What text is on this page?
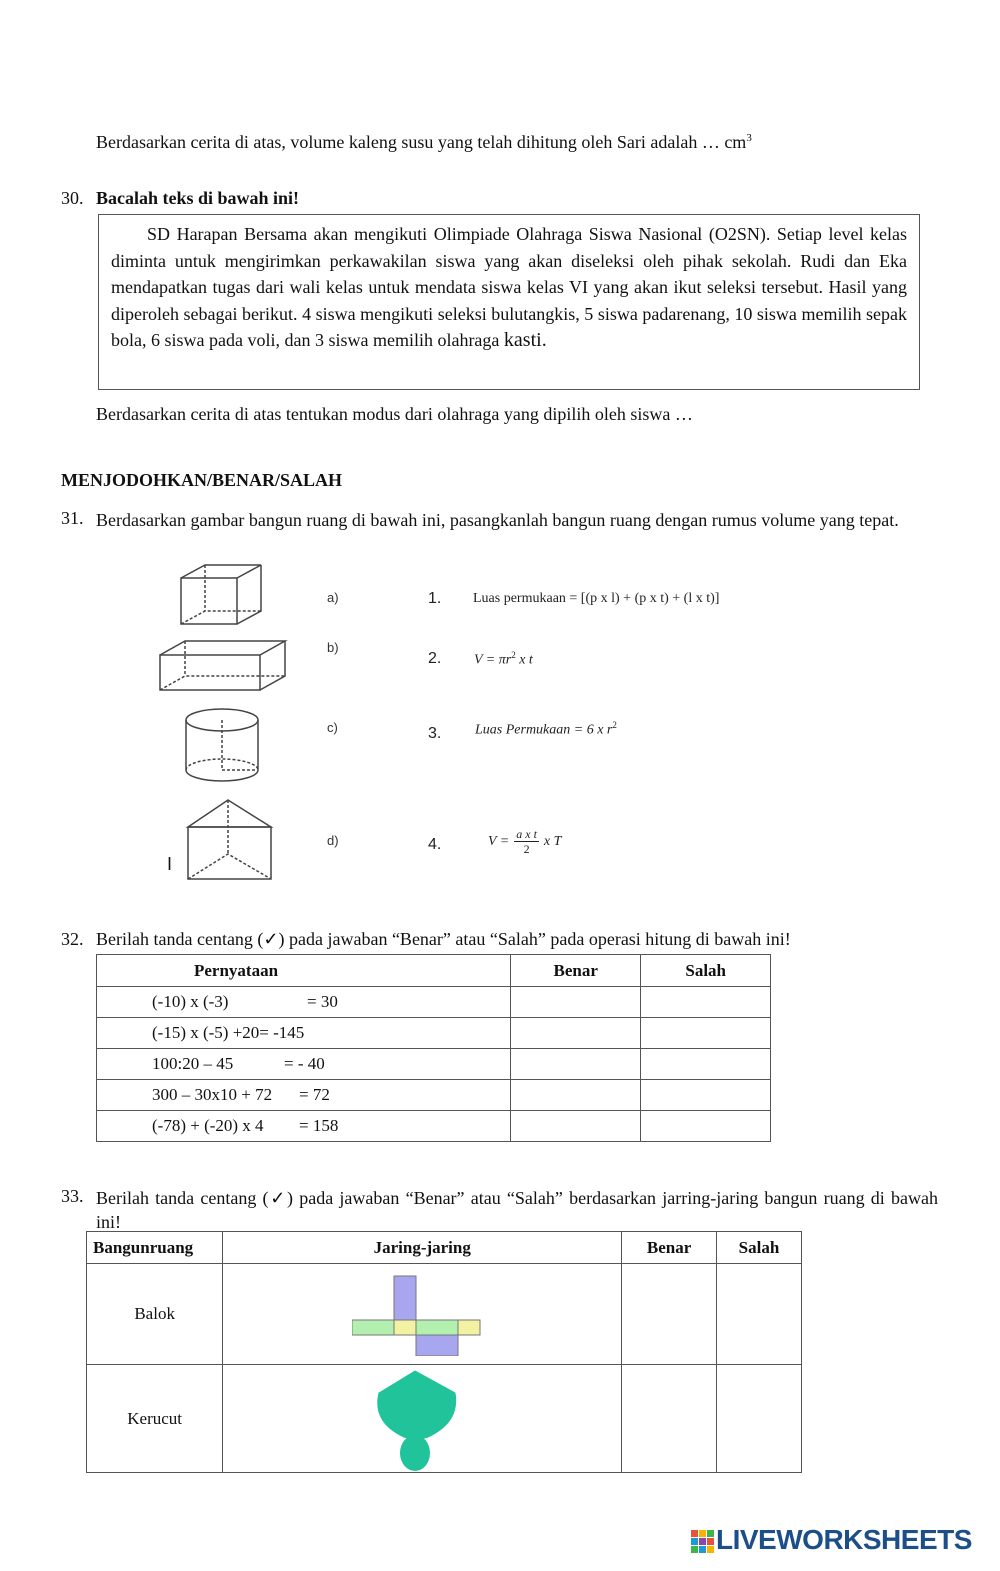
Berdasarkan cerita di atas, volume kaleng susu yang telah dihitung oleh Sari adalah … $cm^3$
30. Bacalah teks di bawah ini!
SD Harapan Bersama akan mengikuti Olimpiade Olahraga Siswa Nasional (O2SN). Setiap level kelas diminta untuk mengirimkan perkawakilan siswa yang akan diseleksi oleh pihak sekolah. Rudi dan Eka mendapatkan tugas dari wali kelas untuk mendata siswa kelas VI yang akan ikut seleksi tersebut. Hasil yang diperoleh sebagai berikut. 4 siswa mengikuti seleksi bulutangkis, 5 siswa padarenang, 10 siswa memilih sepak bola, 6 siswa pada voli, dan 3 siswa memilih olahraga kasti.
Berdasarkan cerita di atas tentukan modus dari olahraga yang dipilih oleh siswa …
MENJODOHKAN/BENAR/SALAH
31. Berdasarkan gambar bangun ruang di bawah ini, pasangkanlah bangun ruang dengan rumus volume yang tepat.
I
a)
b)
c)
d)
1.
2.
3.
4.
Luas permukaan = [(p x l) + (p x t) + (l x t)]
$V = \pi r^2$ x t
Luas Permukaan = 6 x $r^2$
$V = \frac{\text{a x t}}{2}$ x T
32. Berilah tanda centang (✓) pada jawaban “Benar” atau “Salah” pada operasi hitung di bawah ini!
Pernyataan	Benar	Salah
(-10) x (-3) = 30		
(-15) x (-5) +20= -145		
100:20 – 45 = - 40		
300 – 30x10 + 72 = 72		
(-78) + (-20) x 4 = 158		
33. Berilah tanda centang (✓) pada jawaban “Benar” atau “Salah” berdasarkan jarring-jaring bangun ruang di bawah ini!
Bangunruang	Jaring-jaring	Benar	Salah
Balok	

Kerucut	

LIVEWORKSHEETS
